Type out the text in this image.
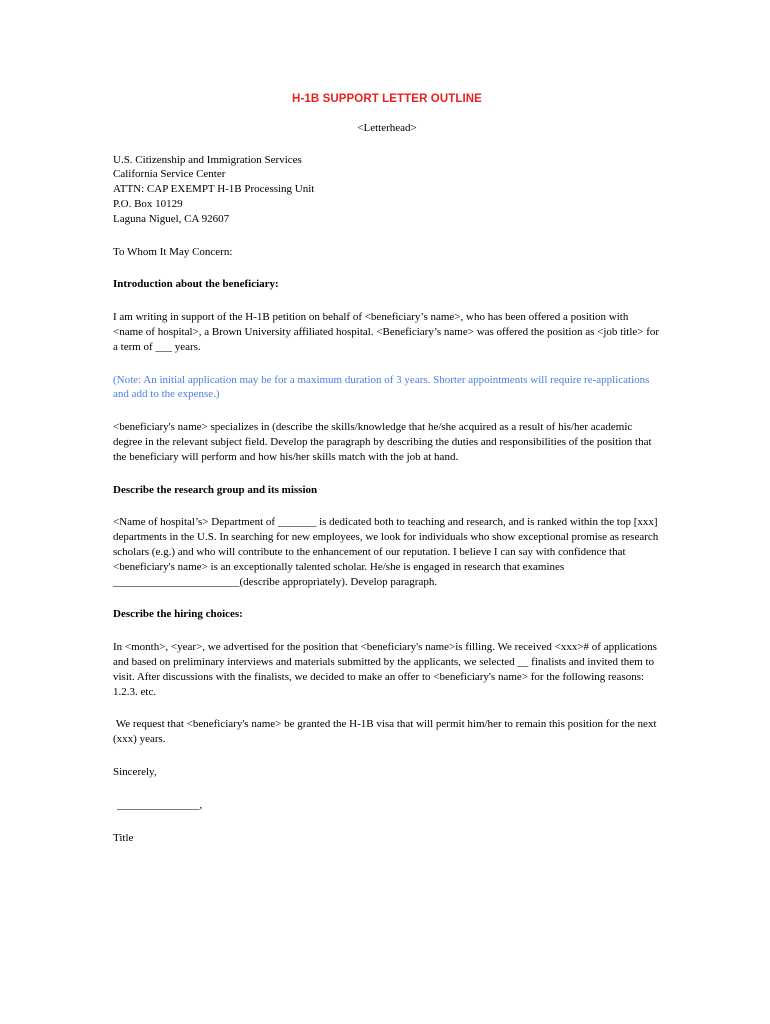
H-1B SUPPORT LETTER OUTLINE
<Letterhead>
U.S. Citizenship and Immigration Services
California Service Center
ATTN: CAP EXEMPT H-1B Processing Unit
P.O. Box 10129
Laguna Niguel, CA 92607
To Whom It May Concern:
Introduction about the beneficiary:
I am writing in support of the H-1B petition on behalf of <beneficiary’s name>, who has been offered a position with <name of hospital>, a Brown University affiliated hospital. <Beneficiary’s name> was offered the position as <job title> for a term of ___ years.
(Note: An initial application may be for a maximum duration of 3 years. Shorter appointments will require re-applications and add to the expense.)
<beneficiary's name> specializes in (describe the skills/knowledge that he/she acquired as a result of his/her academic degree in the relevant subject field. Develop the paragraph by describing the duties and responsibilities of the position that the beneficiary will perform and how his/her skills match with the job at hand.
Describe the research group and its mission
<Name of hospital’s> Department of _______ is dedicated both to teaching and research, and is ranked within the top [xxx] departments in the U.S. In searching for new employees, we look for individuals who show exceptional promise as research scholars (e.g.) and who will contribute to the enhancement of our reputation. I believe I can say with confidence that <beneficiary's name> is an exceptionally talented scholar. He/she is engaged in research that examines _______________________(describe appropriately). Develop paragraph.
Describe the hiring choices:
In <month>, <year>, we advertised for the position that <beneficiary's name>is filling. We received <xxx># of applications and based on preliminary interviews and materials submitted by the applicants, we selected __ finalists and invited them to visit. After discussions with the finalists, we decided to make an offer to <beneficiary's name> for the following reasons: 1.2.3. etc.
We request that <beneficiary's name> be granted the H-1B visa that will permit him/her to remain this position for the next (xxx) years.
Sincerely,
_______________,
Title
